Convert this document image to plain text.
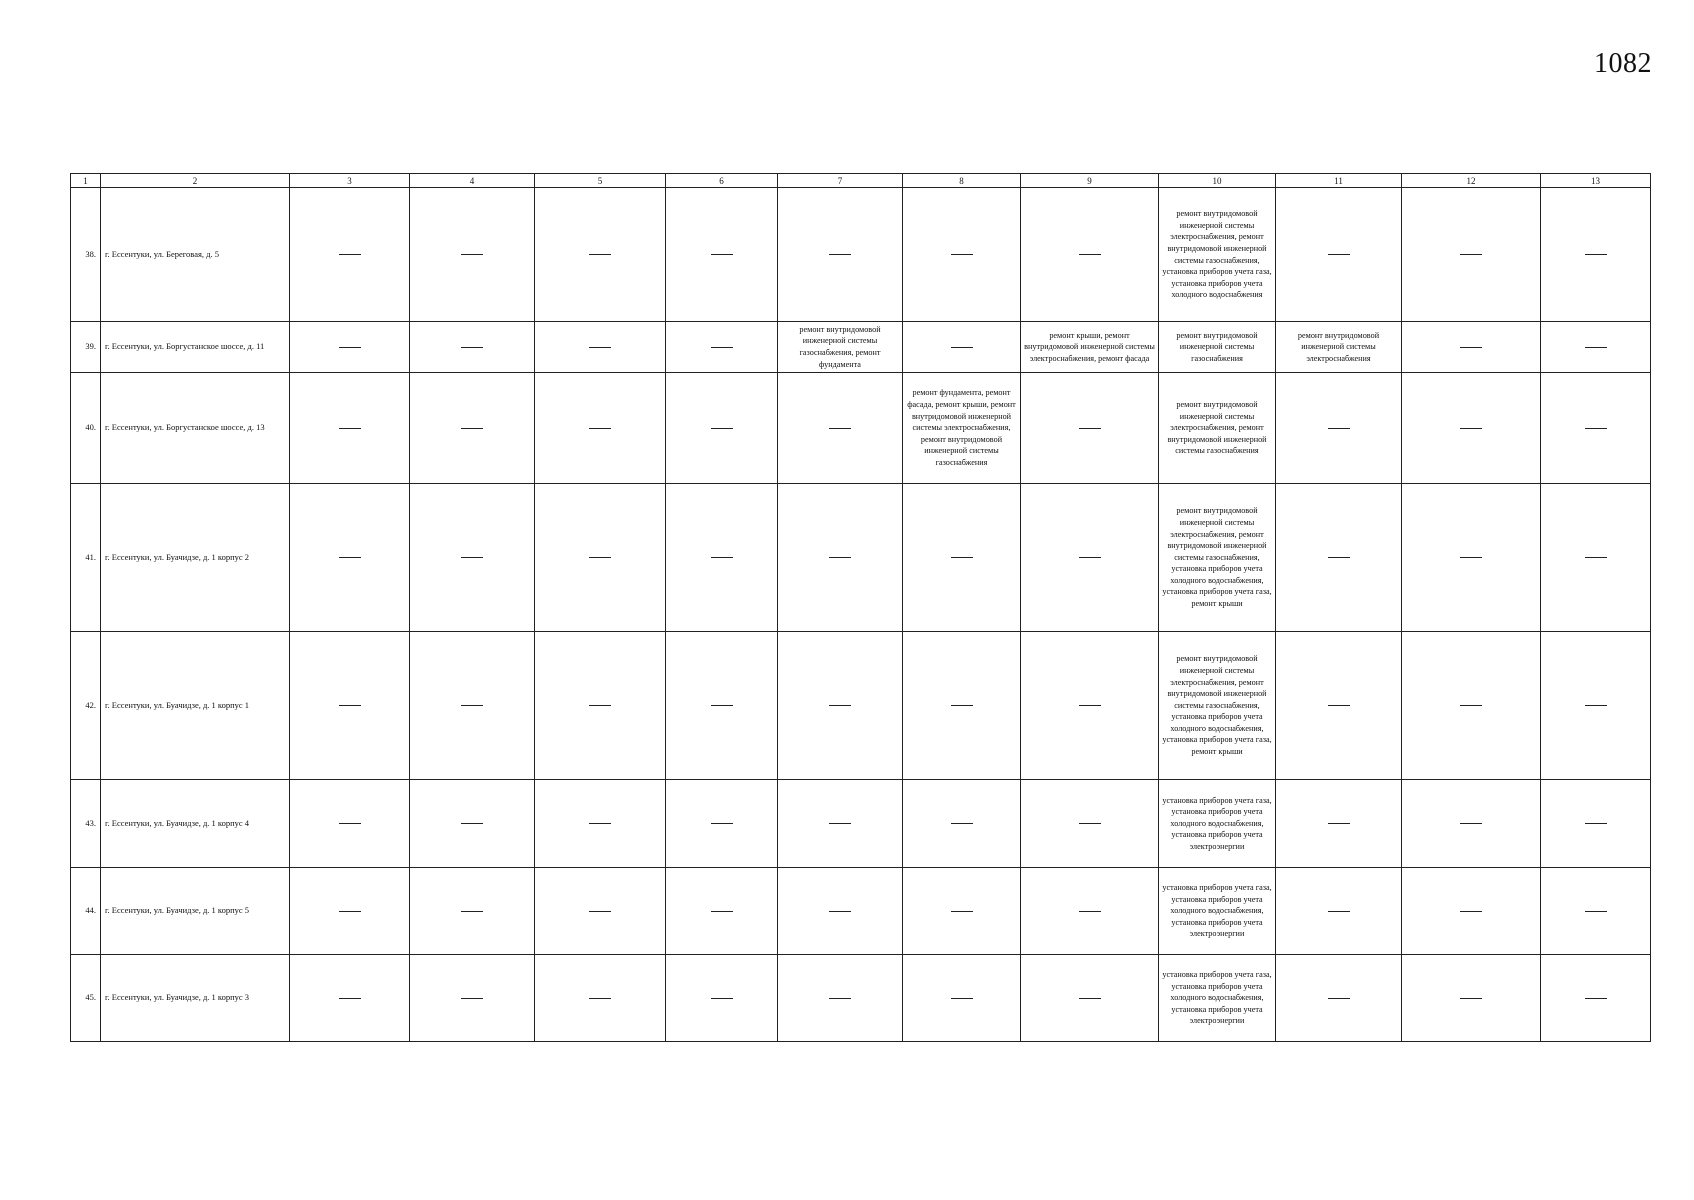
1082
1	2	3	4	5	6	7	8	9	10	11	12	13
38.	г. Ессентуки, ул. Береговая, д. 5								ремонт внутридомовой инженерной системы электроснабжения, ремонт внутридомовой инженерной системы газоснабжения, установка приборов учета газа, установка приборов учета холодного водоснабжения			
39.	г. Ессентуки, ул. Боргустанское шоссе, д. 11					ремонт внутридомовой инженерной системы газоснабжения, ремонт фундамента		ремонт крыши, ремонт внутридомовой инженерной системы электроснабжения, ремонт фасада	ремонт внутридомовой инженерной системы газоснабжения	ремонт внутридомовой инженерной системы электроснабжения		
40.	г. Ессентуки, ул. Боргустанское шоссе, д. 13						ремонт фундамента, ремонт фасада, ремонт крыши, ремонт внутридомовой инженерной системы электроснабжения, ремонт внутридомовой инженерной системы газоснабжения		ремонт внутридомовой инженерной системы электроснабжения, ремонт внутридомовой инженерной системы газоснабжения			
41.	г. Ессентуки, ул. Буачидзе, д. 1 корпус 2								ремонт внутридомовой инженерной системы электроснабжения, ремонт внутридомовой инженерной системы газоснабжения, установка приборов учета холодного водоснабжения, установка приборов учета газа, ремонт крыши			
42.	г. Ессентуки, ул. Буачидзе, д. 1 корпус 1								ремонт внутридомовой инженерной системы электроснабжения, ремонт внутридомовой инженерной системы газоснабжения, установка приборов учета холодного водоснабжения, установка приборов учета газа, ремонт крыши			
43.	г. Ессентуки, ул. Буачидзе, д. 1 корпус 4								установка приборов учета газа, установка приборов учета холодного водоснабжения, установка приборов учета электроэнергии			
44.	г. Ессентуки, ул. Буачидзе, д. 1 корпус 5								установка приборов учета газа, установка приборов учета холодного водоснабжения, установка приборов учета электроэнергии			
45.	г. Ессентуки, ул. Буачидзе, д. 1 корпус 3								установка приборов учета газа, установка приборов учета холодного водоснабжения, установка приборов учета электроэнергии			
